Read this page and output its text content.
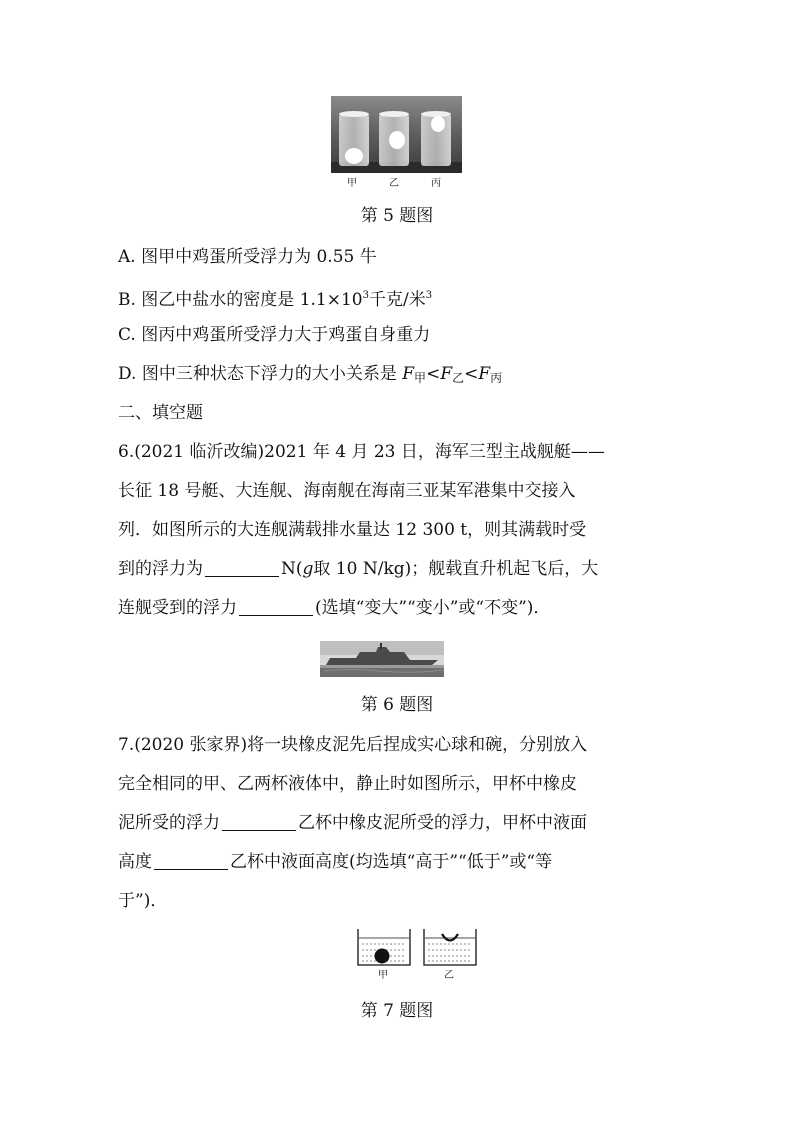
甲	乙	丙
第 5 题图
A. 图甲中鸡蛋所受浮力为 0.55 牛
B. 图乙中盐水的密度是 $1.1\times 10^3$千克/米$^3$
C. 图丙中鸡蛋所受浮力大于鸡蛋自身重力
D. 图中三种状态下浮力的大小关系是 $F_甲<F_乙<F_丙$
二、填空题
6.(2021 临沂改编)2021 年 4 月 23 日，海军三型主战舰艇——
长征 18 号艇、大连舰、海南舰在海南三亚某军港集中交接入
列．如图所示的大连舰满载排水量达 12 300 t，则其满载时受
到的浮力为	N(g取 10 N/kg)；舰载直升机起飞后，大
连舰受到的浮力	(选填“变大”“变小”或“不变”)．
第 6 题图
7.(2020 张家界)将一块橡皮泥先后捏成实心球和碗，分别放入
完全相同的甲、乙两杯液体中，静止时如图所示，甲杯中橡皮
泥所受的浮力	乙杯中橡皮泥所受的浮力，甲杯中液面
高度	乙杯中液面高度(均选填“高于”“低于”或“等
于”)．
甲	乙
第 7 题图
